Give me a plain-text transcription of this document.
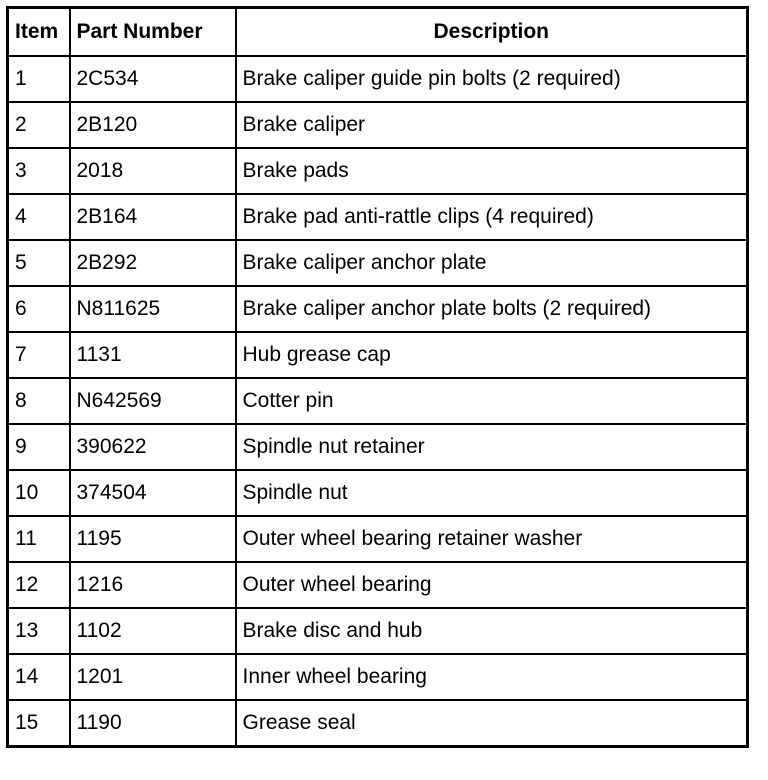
Item	Part Number	Description
1	2C534	Brake caliper guide pin bolts (2 required)
2	2B120	Brake caliper
3	2018	Brake pads
4	2B164	Brake pad anti-rattle clips (4 required)
5	2B292	Brake caliper anchor plate
6	N811625	Brake caliper anchor plate bolts (2 required)
7	1131	Hub grease cap
8	N642569	Cotter pin
9	390622	Spindle nut retainer
10	374504	Spindle nut
11	1195	Outer wheel bearing retainer washer
12	1216	Outer wheel bearing
13	1102	Brake disc and hub
14	1201	Inner wheel bearing
15	1190	Grease seal
